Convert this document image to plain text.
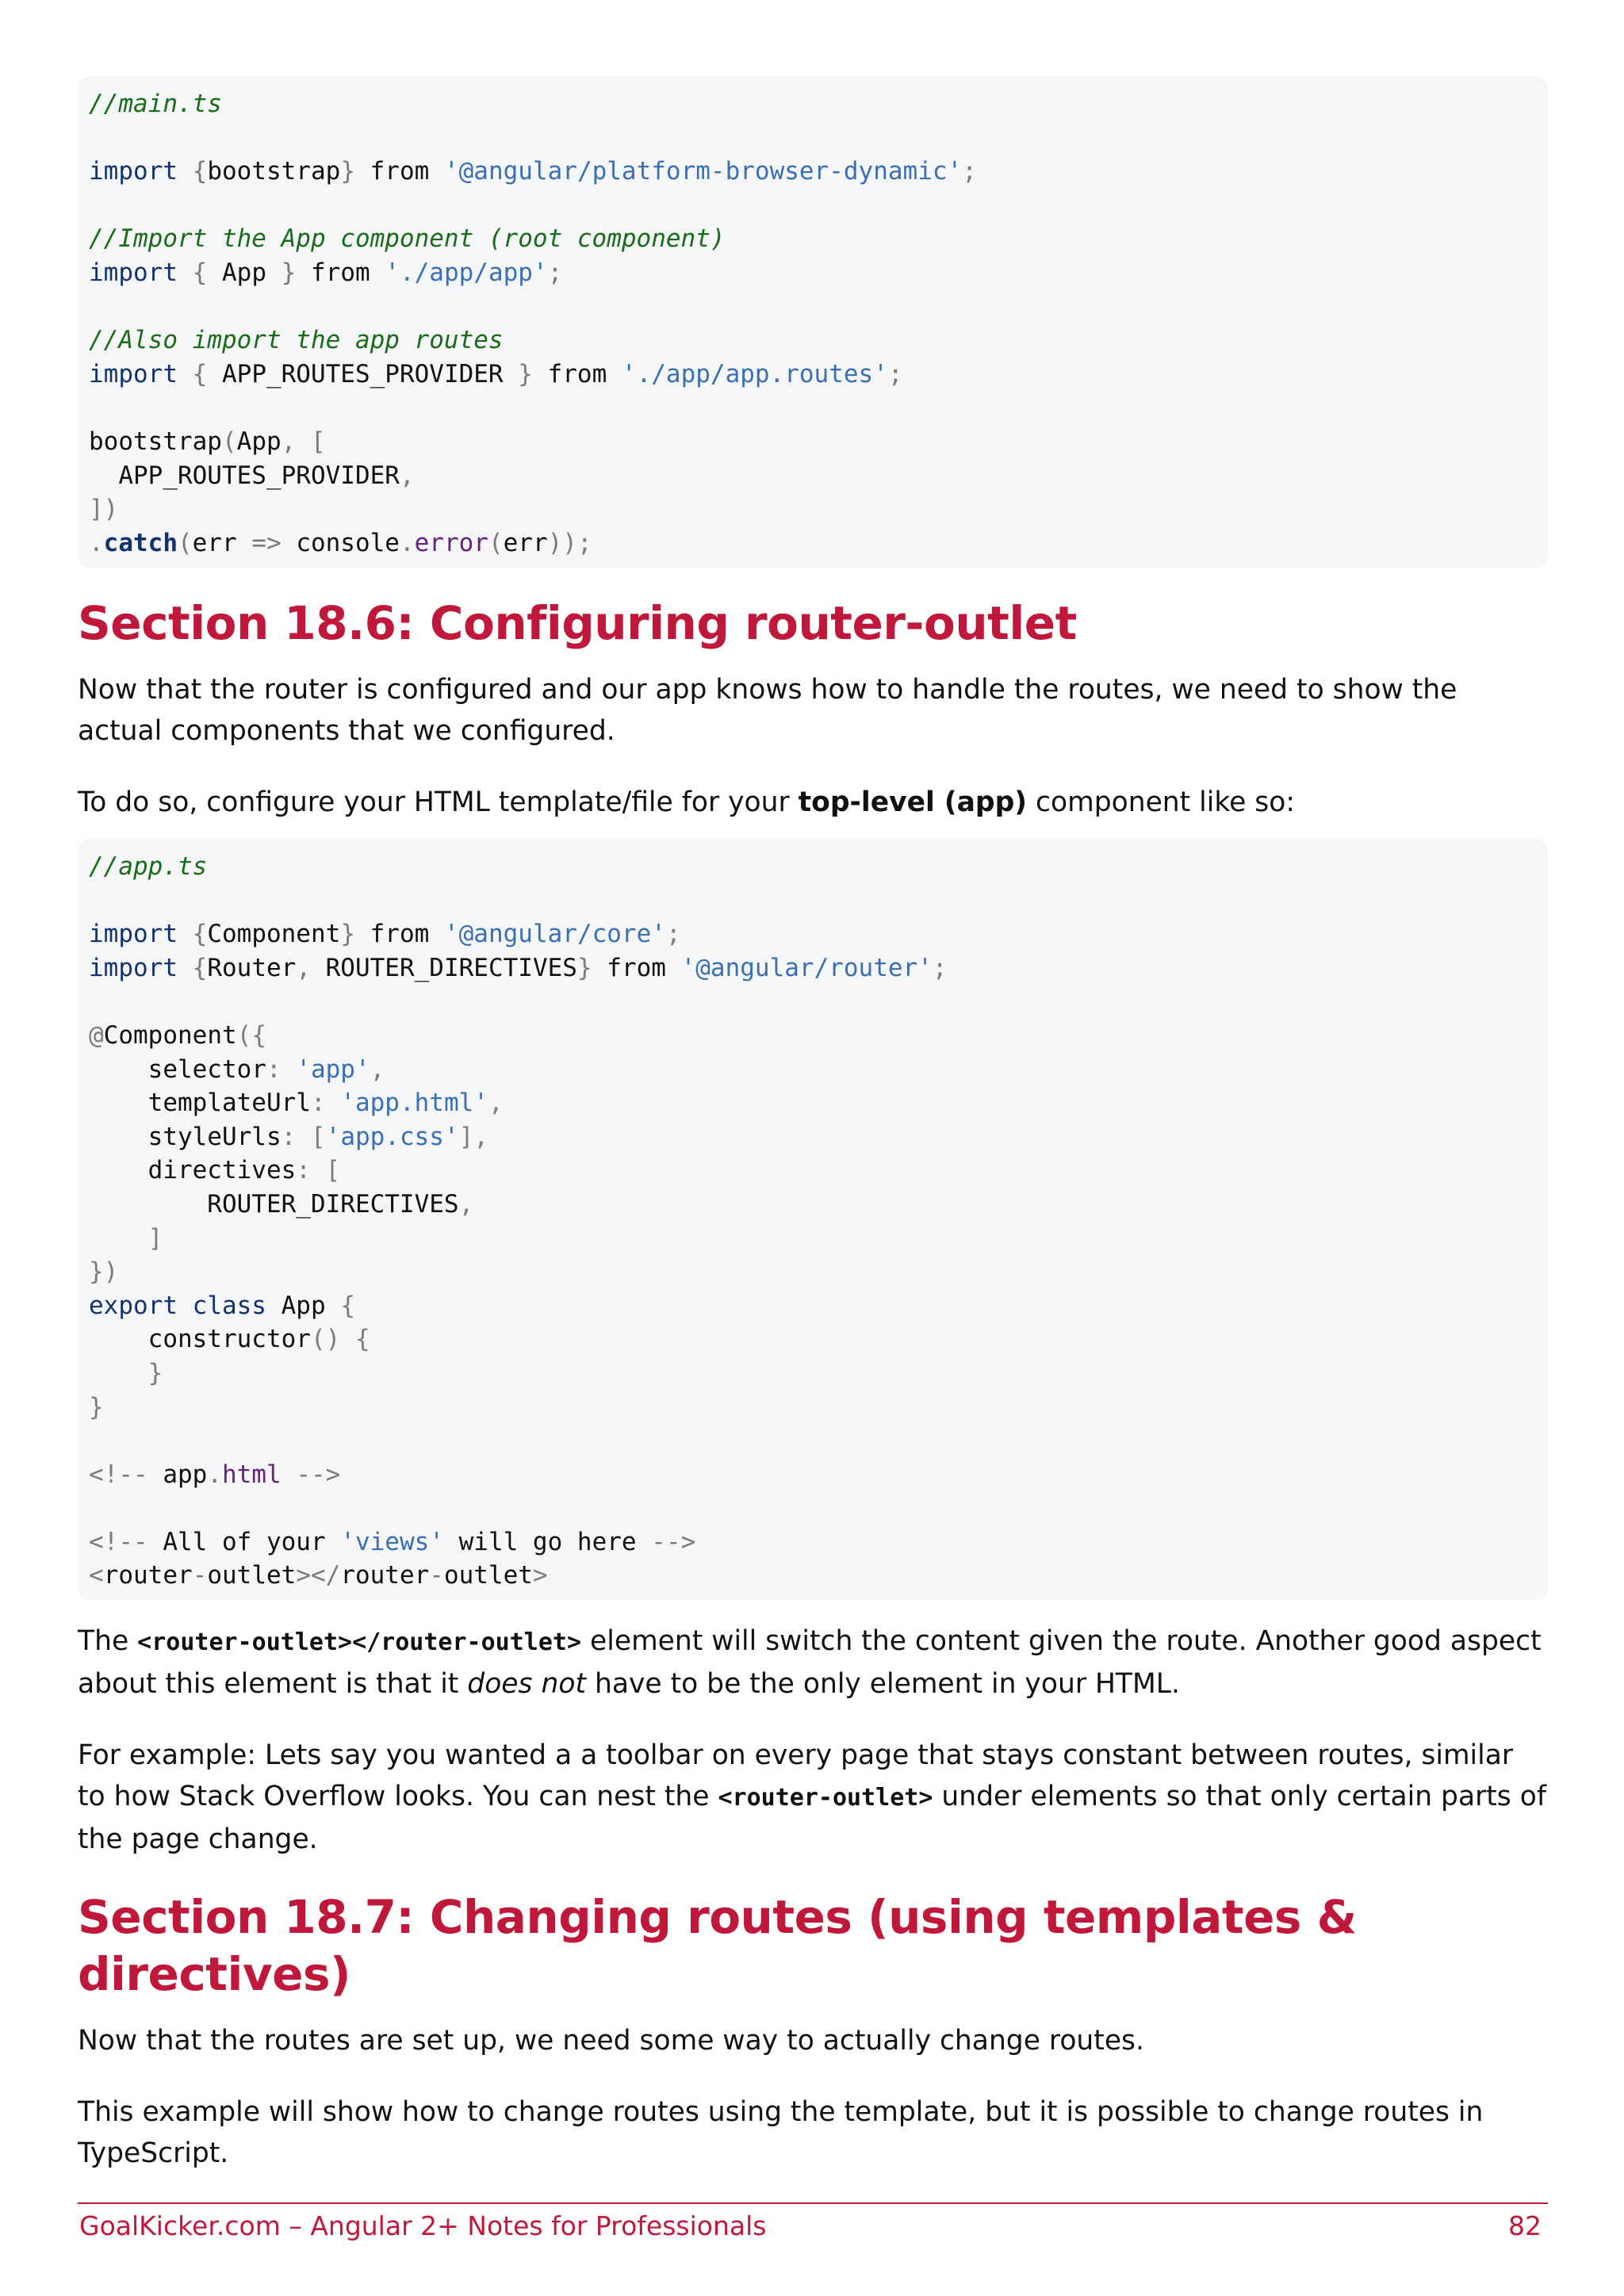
//main.ts

import {bootstrap} from '@angular/platform-browser-dynamic';

//Import the App component (root component)
import { App } from './app/app';

//Also import the app routes
import { APP_ROUTES_PROVIDER } from './app/app.routes';

bootstrap(App, [
APP_ROUTES_PROVIDER,
])
.catch(err => console.error(err));
Section 18.6: Configuring router-outlet

Now that the router is configured and our app knows how to handle the routes, we need to show the actual components that we configured.

To do so, configure your HTML template/file for your top-level (app) component like so:

//app.ts

import {Component} from '@angular/core';
import {Router, ROUTER_DIRECTIVES} from '@angular/router';

@Component({
selector: 'app',
templateUrl: 'app.html',
styleUrls: ['app.css'],
directives: [
ROUTER_DIRECTIVES,
]
})
export class App {
constructor() {
}
}

<!-- app.html -->

<!-- All of your 'views' will go here -->
<router-outlet></router-outlet>

The <router-outlet></router-outlet> element will switch the content given the route. Another good aspect about this element is that it does not have to be the only element in your HTML.

For example: Lets say you wanted a a toolbar on every page that stays constant between routes, similar to how Stack Overflow looks. You can nest the <router-outlet> under elements so that only certain parts of the page change.

Section 18.7: Changing routes (using templates & directives)

Now that the routes are set up, we need some way to actually change routes.

This example will show how to change routes using the template, but it is possible to change routes in TypeScript.

GoalKicker.com – Angular 2+ Notes for Professionals	82
